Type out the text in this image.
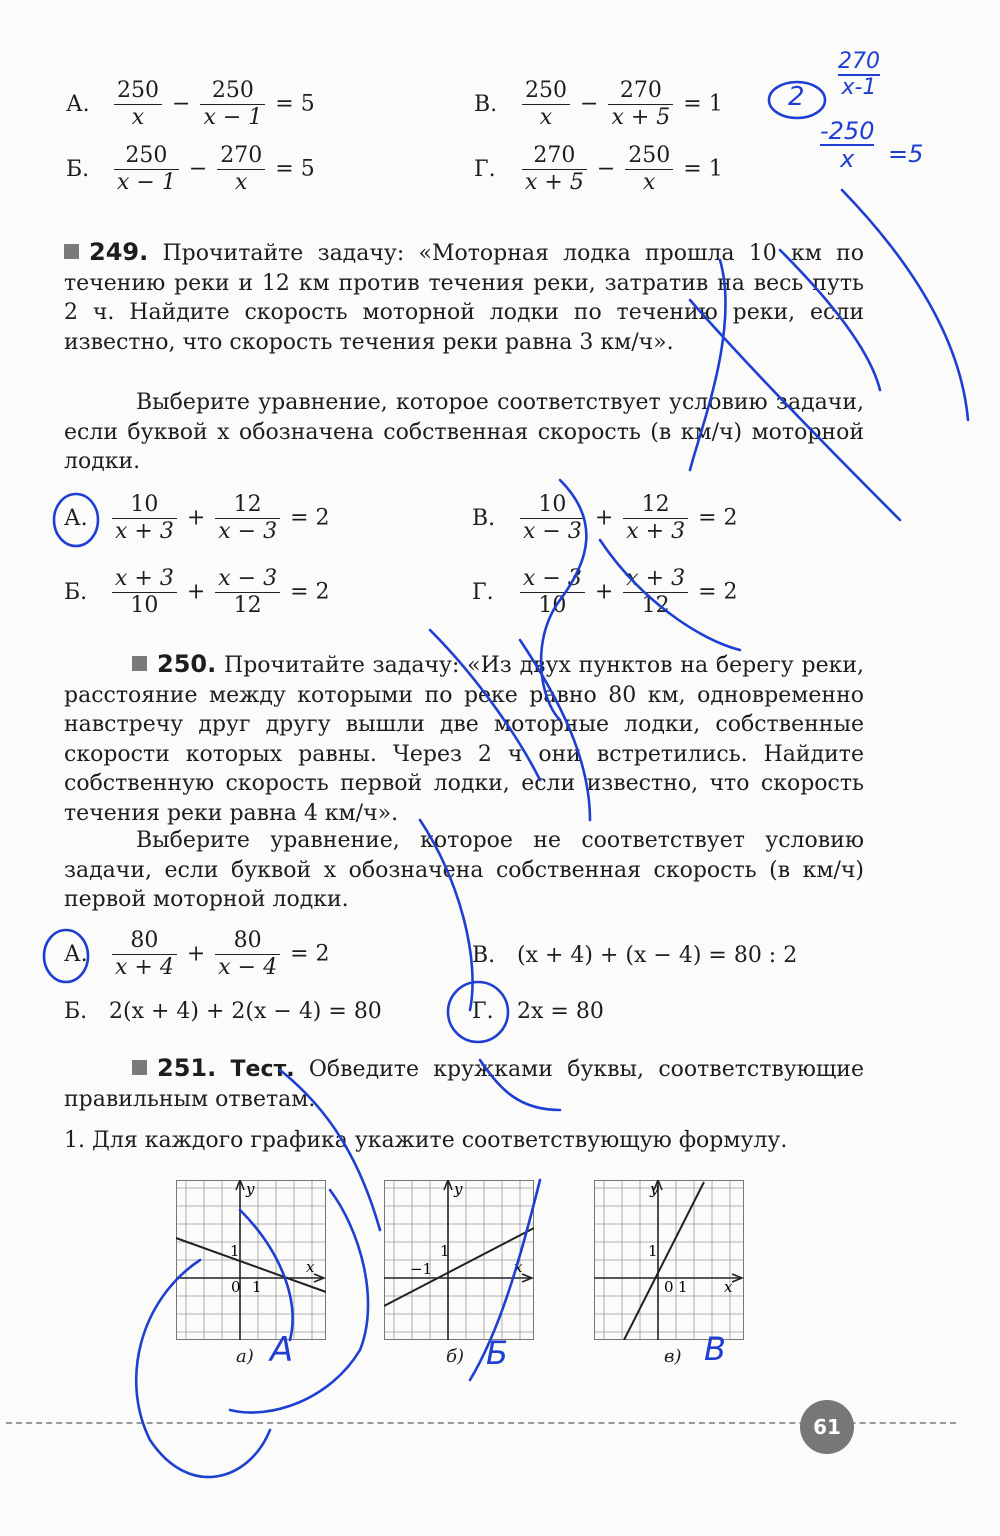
А. $\frac{250}{x} - \frac{250}{x - 1} = 5$
Б. $\frac{250}{x - 1} - \frac{270}{x} = 5$
В. $\frac{250}{x} - \frac{270}{x + 5} = 1$
Г. $\frac{270}{x + 5} - \frac{250}{x} = 1$
249. Прочитайте задачу: «Моторная лодка прошла 10 км по течению реки и 12 км против течения реки, затратив на весь путь 2 ч. Найдите скорость моторной лодки по течению реки, если известно, что скорость течения реки равна 3 км/ч».
Выберите уравнение, которое соответствует условию задачи, если буквой x обозначена собственная скорость (в км/ч) моторной лодки.
А. $\frac{10}{x + 3} + \frac{12}{x - 3} = 2$
Б. $\frac{x + 3}{10} + \frac{x - 3}{12} = 2$
В. $\frac{10}{x - 3} + \frac{12}{x + 3} = 2$
Г. $\frac{x - 3}{10} + \frac{x + 3}{12} = 2$
250. Прочитайте задачу: «Из двух пунктов на берегу реки, расстояние между которыми по реке равно 80 км, одновременно навстречу друг другу вышли две моторные лодки, собственные скорости которых равны. Через 2 ч они встретились. Найдите собственную скорость первой лодки, если известно, что скорость течения реки равна 4 км/ч».
Выберите уравнение, которое не соответствует условию задачи, если буквой x обозначена собственная скорость (в км/ч) первой моторной лодки.
А. $\frac{80}{x + 4} + \frac{80}{x - 4} = 2$
Б. 2(x + 4) + 2(x − 4) = 80
В. (x + 4) + (x − 4) = 80 : 2
Г. 2x = 80
251. Тест. Обведите кружками буквы, соответствующие правильным ответам.
1. Для каждого графика укажите соответствующую формулу.
y
x
1
0 1
а)
y
x
1
−1
б)
y
x
1
0 1
в)
61
270
x-1
2
-250
x	=5
A	Б	В
